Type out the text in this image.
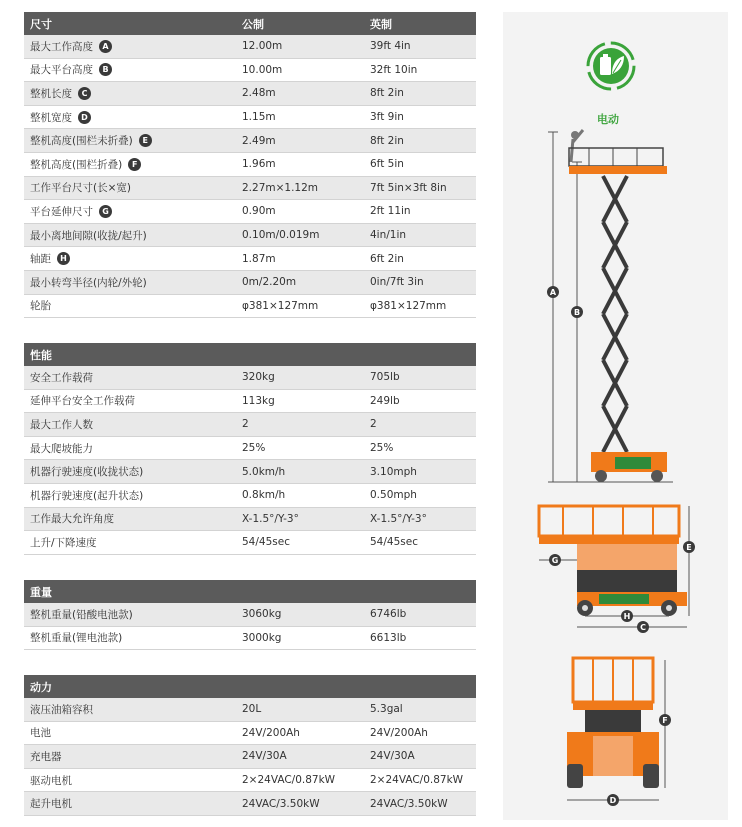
尺寸	公制	英制
最大工作高度	A	12.00m	39ft 4in
最大平台高度	B	10.00m	32ft 10in
整机长度	C	2.48m	8ft 2in
整机宽度	D	1.15m	3ft 9in
整机高度(围栏未折叠)	E	2.49m	8ft 2in
整机高度(围栏折叠)	F	1.96m	6ft 5in
工作平台尺寸(长×宽)	2.27m×1.12m	7ft 5in×3ft 8in
平台延伸尺寸	G	0.90m	2ft 11in
最小离地间隙(收拢/起升)	0.10m/0.019m	4in/1in
轴距	H	1.87m	6ft 2in
最小转弯半径(内轮/外轮)	0m/2.20m	0in/7ft 3in
轮胎	φ381×127mm	φ381×127mm
性能
安全工作载荷	320kg	705lb
延伸平台安全工作载荷	113kg	249lb
最大工作人数	2	2
最大爬坡能力	25%	25%
机器行驶速度(收拢状态)	5.0km/h	3.10mph
机器行驶速度(起升状态)	0.8km/h	0.50mph
工作最大允许角度	X-1.5°/Y-3°	X-1.5°/Y-3°
上升/下降速度	54/45sec	54/45sec
重量
整机重量(铅酸电池款)	3060kg	6746lb
整机重量(锂电池款)	3000kg	6613lb
动力
液压油箱容积	20L	5.3gal
电池	24V/200Ah	24V/200Ah
充电器	24V/30A	24V/30A
驱动电机	2×24VAC/0.87kW	2×24VAC/0.87kW
起升电机	24VAC/3.50kW	24VAC/3.50kW
电动
A
B
E
G
H
C
F
D
